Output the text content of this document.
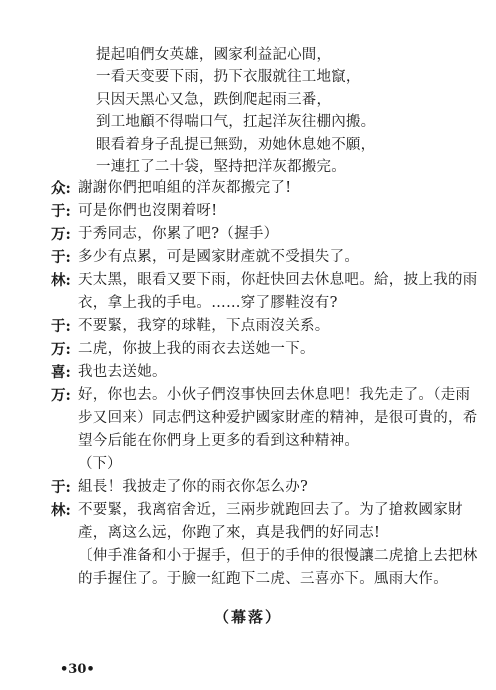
提起咱們女英雄，國家利益記心間，
一看天变要下雨，扔下衣服就往工地竄，
只因天黑心又急，跌倒爬起雨三番，
到工地顧不得喘口气，扛起洋灰往棚內搬。
眼看着身子乱提已無勁，劝她休息她不願，
一連扛了二十袋，堅持把洋灰都搬完。
众: 謝謝你們把咱組的洋灰都搬完了!
于: 可是你們也沒閑着呀!
万: 于秀同志，你累了吧?（握手）
于: 多少有点累，可是國家財產就不受損失了。
林: 天太黑，眼看又要下雨，你赶快回去休息吧。給，披上我的雨衣，拿上我的手电。……穿了膠鞋沒有?
于: 不要緊，我穿的球鞋，下点雨沒关系。
万: 二虎，你披上我的雨衣去送她一下。
喜: 我也去送她。
万: 好，你也去。小伙子們沒事快回去休息吧！我先走了。（走雨步又回来）同志們这种爱护國家財產的精神，是很可貴的，希望今后能在你們身上更多的看到这种精神。
（下）
于: 組長！我披走了你的雨衣你怎么办?
林: 不要緊，我离宿舍近，三兩步就跑回去了。为了搶救國家財產，离这么远，你跑了來，真是我們的好同志!
〔伸手准备和小于握手，但于的手伸的很慢讓二虎搶上去把林的手握住了。于臉一紅跑下二虎、三喜亦下。風雨大作。
（幕落）
•30•
